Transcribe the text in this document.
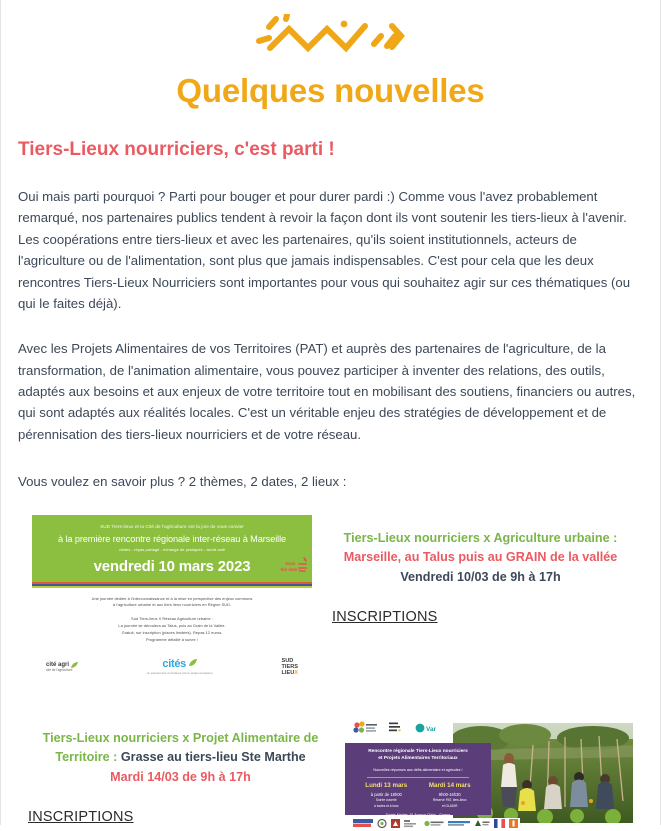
Quelques nouvelles
Tiers-Lieux nourriciers, c'est parti !

Oui mais parti pourquoi ? Parti pour bouger et pour durer pardi :) Comme vous l'avez probablement remarqué, nos partenaires publics tendent à revoir la façon dont ils vont soutenir les tiers-lieux à l'avenir. Les coopérations entre tiers-lieux et avec les partenaires, qu'ils soient institutionnels, acteurs de l'agriculture ou de l'alimentation, sont plus que jamais indispensables. C'est pour cela que les deux rencontres Tiers-Lieux Nourriciers sont importantes pour vous qui souhaitez agir sur ces thématiques (ou qui le faites déjà).

Avec les Projets Alimentaires de vos Territoires (PAT) et auprès des partenaires de l'agriculture, de la transformation, de l'animation alimentaire, vous pouvez participer à inventer des relations, des outils, adaptés aux besoins et aux enjeux de votre territoire tout en mobilisant des soutiens, financiers ou autres, qui sont adaptés aux réalités locales. C'est un véritable enjeu des stratégies de développement et de pérennisation des tiers-lieux nourriciers et de votre réseau.

Vous voulez en savoir plus ? 2 thèmes, 2 dates, 2 lieux :

SUD Tiers-lieux et la Cité de l'agriculture ont la joie de vous convier
à la première rencontre régionale inter-réseau à Marseille
visites - repas partagé - échange de pratiques - world café
vendredi 10 mars 2023	Save
the date !
Une journée dédiée à l'interconnaissance et à la mise en perspective des enjeux communs
à l'agriculture urbaine et aux tiers lieux nourriciers en Région SUD.
Sud Tiers-lieux X Réseau Agriculture urbaine :
La journée se déroulera au Talus, puis au Grain de la Vallée.
Gratuit, sur inscription (places limitées). Repas 12 euros.
Programme détaillé à suivre !
cité agri
cité de l'agriculture	cités
un évènement co-financé par le projet européen
SUD
TIERS
LIEUX
Tiers-Lieux nourriciers x Agriculture urbaine :
Marseille, au Talus puis au GRAIN de la vallée
Vendredi 10/03 de 9h à 17h
INSCRIPTIONS
Tiers-Lieux nourriciers x Projet Alimentaire de
Territoire : Grasse au tiers-lieu Ste Marthe
Mardi 14/03 de 9h à 17h
INSCRIPTIONS
Var
Rencontre régionale Tiers-Lieux nourriciers
et Projets Alimentaires Territoriaux
Nouvelles réponses aux défis alimentaire et agricoles !
Lundi 13 mars
à partir de 18h00
Soirée ouverte
à toutes et à tous
Mardi 14 mars
9h00-16h30
Réservé PAT, tiers-lieux
et GLADIR
Sainte-Marthe, 51 Avenue Chiris - Grasse
